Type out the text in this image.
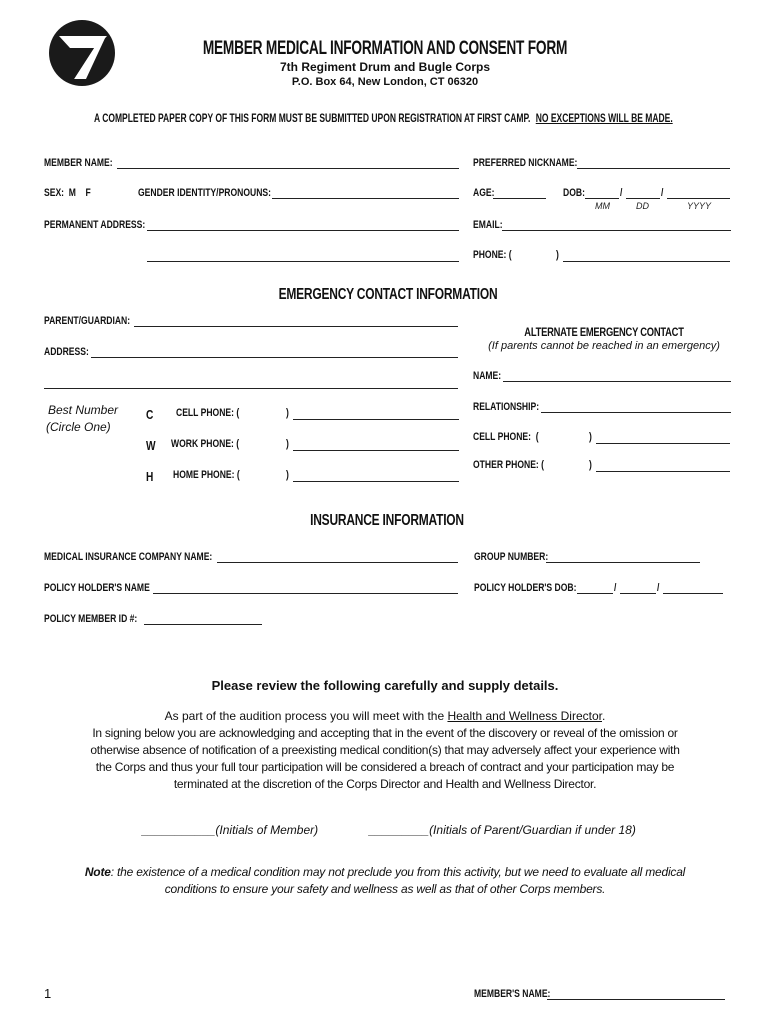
MEMBER MEDICAL INFORMATION AND CONSENT FORM
7th Regiment Drum and Bugle Corps
P.O. Box 64, New London, CT 06320
A COMPLETED PAPER COPY OF THIS FORM MUST BE SUBMITTED UPON REGISTRATION AT FIRST CAMP. NO EXCEPTIONS WILL BE MADE.
MEMBER NAME:	PREFERRED NICKNAME:
SEX:  M    F	GENDER IDENTITY/PRONOUNS:	AGE:	DOB:	/	/
MM	DD	YYYY
PERMANENT ADDRESS:	EMAIL:
PHONE: (	)
EMERGENCY CONTACT INFORMATION
PARENT/GUARDIAN:
ADDRESS:
Best Number
(Circle One)
C CELL PHONE: (	)
W WORK PHONE: (	)
H HOME PHONE: (	)
ALTERNATE EMERGENCY CONTACT
(If parents cannot be reached in an emergency)
NAME:
RELATIONSHIP:
CELL PHONE:  (	)
OTHER PHONE: (	)
INSURANCE INFORMATION
MEDICAL INSURANCE COMPANY NAME:	GROUP NUMBER:
POLICY HOLDER'S NAME	POLICY HOLDER'S DOB:	/	/
POLICY MEMBER ID #:
Please review the following carefully and supply details.
As part of the audition process you will meet with the Health and Wellness Director.
In signing below you are acknowledging and accepting that in the event of the discovery or reveal of the omission or
otherwise absence of notification of a preexisting medical condition(s) that may adversely affect your experience with
the Corps and thus your full tour participation will be considered a breach of contract and your participation may be
terminated at the discretion of the Corps Director and Health and Wellness Director.
___________(Initials of Member)	_________(Initials of Parent/Guardian if under 18)
Note: the existence of a medical condition may not preclude you from this activity, but we need to evaluate all medical
conditions to ensure your safety and wellness as well as that of other Corps members.
1	MEMBER'S NAME:
